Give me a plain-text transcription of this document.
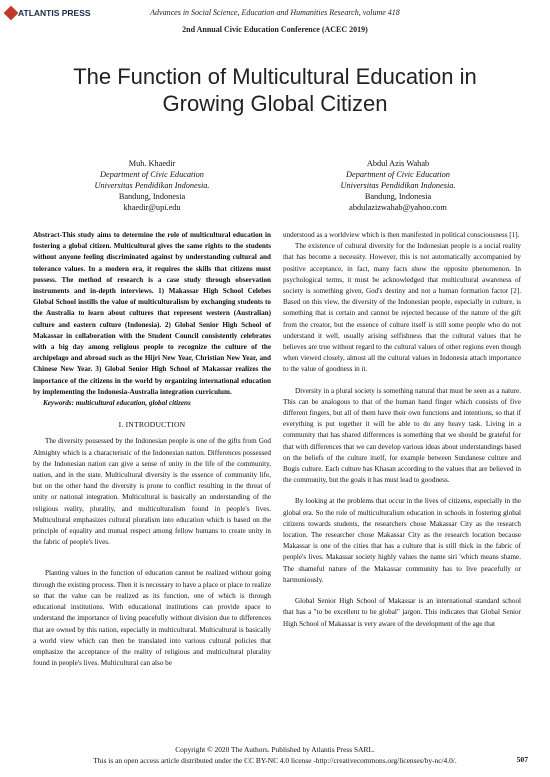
ATLANTIS PRESS	Advances in Social Science, Education and Humanities Research, volume 418
2nd Annual Civic Education Conference (ACEC 2019)
The Function of Multicultural Education in Growing Global Citizen
Muh. Khaedir
Department of Civic Education
Universitas Pendidikan Indonesia.
Bandung, Indonesia
khaedir@upi.edu
Abdul Azis Wahab
Department of Civic Education
Universitas Pendidikan Indonesia.
Bandung, Indonesia
abdulazizwahab@yahoo.com

Abstract-This study aims to determine the role of multicultural education in fostering a global citizen. Multicultural gives the same rights to the students without anyone feeling discriminated against by understanding cultural and tolerance values. In a modern era, it requires the skills that citizens must possess. The method of research is a case study through observation instruments and in-depth interviews. 1) Makassar High School Celebes Global School instills the value of multiculturalism by exchanging students to the Australia to learn about cultures that represent western (Australian) culture and eastern culture (Indonesia). 2) Global Senior High School of Makassar in collaboration with the Student Council consistently celebrates with a big day among religious people to recognize the culture of the archipelago and abroad such as the Hijri New Year, Christian New Year, and Chinese New Year. 3) Global Senior High School of Makassar realizes the importance of the citizens in the world by organizing international education by implementing the Indonesia-Australia integration curriculum.

Keywords: multicultural education, global citizens

I. INTRODUCTION

The diversity possessed by the Indonesian people is one of the gifts from God Almighty which is a characteristic of the Indonesian nation. Differences possessed by the Indonesian nation can give a sense of unity in the life of the community, nation, and in the state. Multicultural diversity is the essence of community life, but on the other hand the diversity is prone to conflict resulting in the threat of unity or national integration. Multicultural is basically an understanding of the religious reality, plurality, and multiculturalism found in people's lives. Multicultural emphasizes cultural pluralism into education which is based on the principle of equality and mutual respect among fellow humans to create unity in the fabric of people's lives.

Planting values in the function of education cannot be realized without going through the existing process. Then it is necessary to have a place or place to realize so that the value can be realized as its function, one of which is through educational institutions. With educational institutions can provide space to understand the importance of living peacefully without division due to differences that are owned by this nation, especially in multicultural. Multicultural is basically a world view which can then be translated into various cultural policies that emphasize the acceptance of the reality of religious and multicultural plurality found in people's lives. Multicultural can also be

understood as a worldview which is then manifested in political consciousness [1].

The existence of cultural diversity for the Indonesian people is a social reality that has become a necessity. However, this is not automatically accompanied by positive acceptance, in fact, many facts show the opposite phenomenon. In psychological terms, it must be acknowledged that multicultural awareness of society is something given, God's destiny and not a human formation factor [2]. Based on this view, the diversity of the Indonesian people, especially in culture, is something that is certain and cannot be rejected because of the nature of the gift from the creator, but the essence of culture itself is still some people who do not understand it well, usually arising selfishness that the cultural values that he believes are true without regard to the cultural values of other regions even though when viewed closely, almost all the cultural values in Indonesia attach importance to the value of goodness in it.

Diversity in a plural society is something natural that must be seen as a nature. This can be analogous to that of the human hand finger which consists of five different fingers, but all of them have their own functions and intentions, so that if everything is put together it will be able to do any heavy task. Living in a community that has shared differences is something that we should be grateful for that with differences that we can develop various ideas about understandings based on the beliefs of the culture itself, for example between Sundanese culture and Bugis culture. Each culture has Khasan according to the values that are believed in the community, but the goals it has must lead to goodness.

By looking at the problems that occur in the lives of citizens, especially in the global era. So the role of multiculturalism education in schools in fostering global citizens towards students, the researchers chose Makassar City as the research location. The researcher chose Makassar City as the research location because Makassar is one of the cities that has a culture that is still thick in the fabric of people's lives. Makassar society highly values the name siri 'which means shame. The shameful nature of the Makassar community has to live peacefully or harmoniously.

Global Senior High School of Makassar is an international standard school that has a "to be excellent to be global" jargon. This indicates that Global Senior High School of Makassar is very aware of the development of the age that

Copyright © 2020 The Authors. Published by Atlantis Press SARL.
This is an open access article distributed under the CC BY-NC 4.0 license -http://creativecommons.org/licenses/by-nc/4.0/.	507
